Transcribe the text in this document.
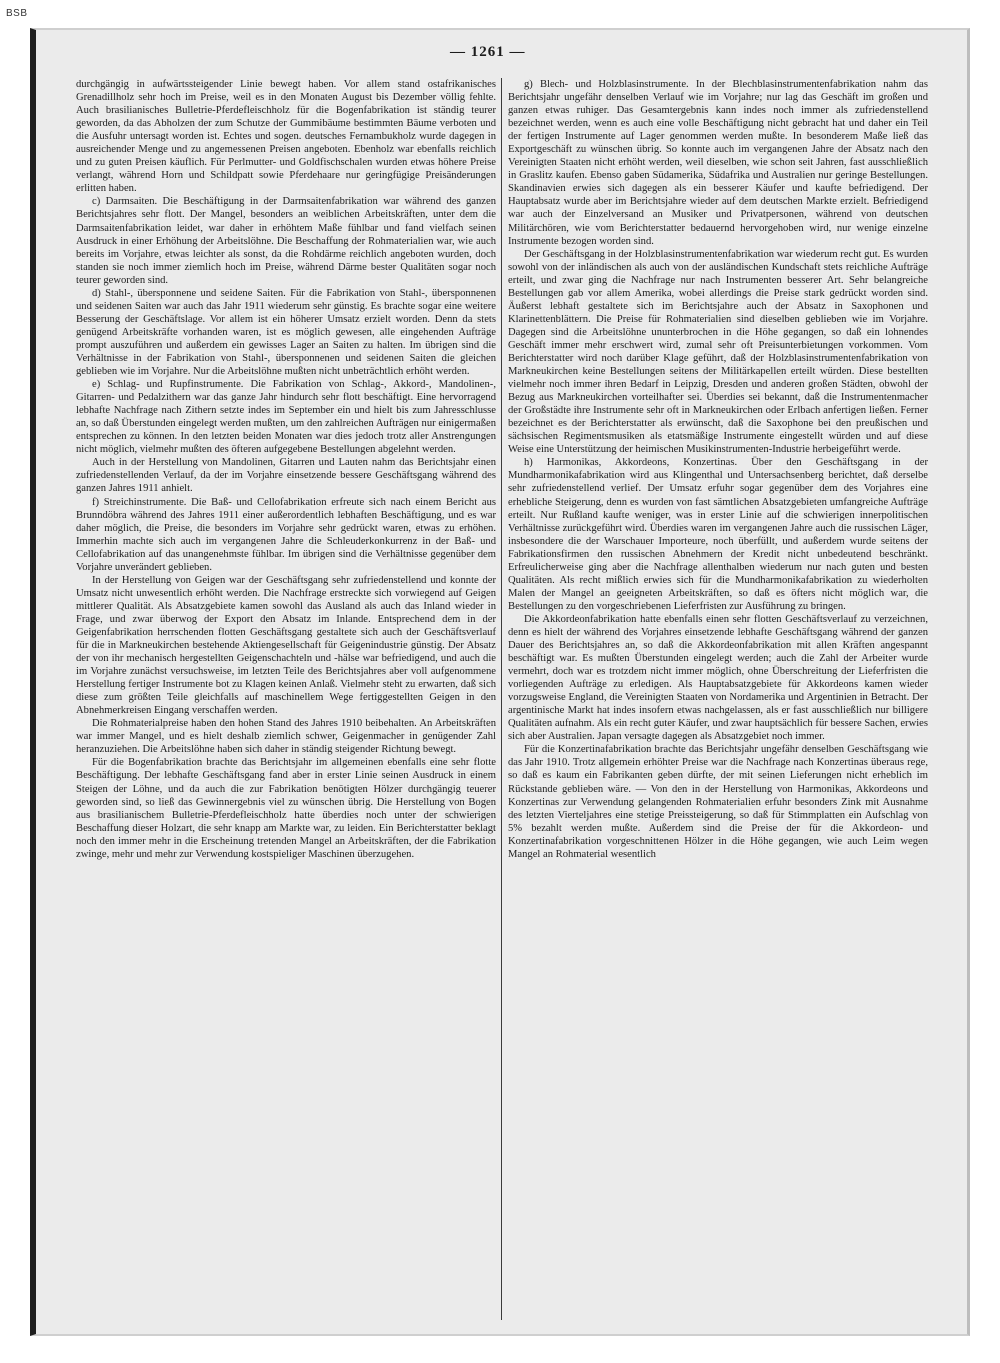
BSB
— 1261 —

durchgängig in aufwärtssteigender Linie bewegt haben. Vor allem stand ostafrikanisches Grenadillholz sehr hoch im Preise, weil es in den Monaten August bis Dezember völlig fehlte. Auch brasilianisches Bulletrie-Pferdefleischholz für die Bogenfabrikation ist ständig teurer geworden, da das Abholzen der zum Schutze der Gummibäume bestimmten Bäume verboten und die Ausfuhr untersagt worden ist. Echtes und sogen. deutsches Fernambukholz wurde dagegen in ausreichender Menge und zu angemessenen Preisen angeboten. Ebenholz war ebenfalls reichlich und zu guten Preisen käuflich. Für Perlmutter- und Goldfischschalen wurden etwas höhere Preise verlangt, während Horn und Schildpatt sowie Pferdehaare nur geringfügige Preisänderungen erlitten haben.

c) Darmsaiten. Die Beschäftigung in der Darmsaitenfabrikation war während des ganzen Berichtsjahres sehr flott. Der Mangel, besonders an weiblichen Arbeitskräften, unter dem die Darmsaitenfabrikation leidet, war daher in erhöhtem Maße fühlbar und fand vielfach seinen Ausdruck in einer Erhöhung der Arbeitslöhne. Die Beschaffung der Rohmaterialien war, wie auch bereits im Vorjahre, etwas leichter als sonst, da die Rohdärme reichlich angeboten wurden, doch standen sie noch immer ziemlich hoch im Preise, während Därme bester Qualitäten sogar noch teurer geworden sind.

d) Stahl-, übersponnene und seidene Saiten. Für die Fabrikation von Stahl-, übersponnenen und seidenen Saiten war auch das Jahr 1911 wiederum sehr günstig. Es brachte sogar eine weitere Besserung der Geschäftslage. Vor allem ist ein höherer Umsatz erzielt worden. Denn da stets genügend Arbeitskräfte vorhanden waren, ist es möglich gewesen, alle eingehenden Aufträge prompt auszuführen und außerdem ein gewisses Lager an Saiten zu halten. Im übrigen sind die Verhältnisse in der Fabrikation von Stahl-, übersponnenen und seidenen Saiten die gleichen geblieben wie im Vorjahre. Nur die Arbeitslöhne mußten nicht unbeträchtlich erhöht werden.

e) Schlag- und Rupfinstrumente. Die Fabrikation von Schlag-, Akkord-, Mandolinen-, Gitarren- und Pedalzithern war das ganze Jahr hindurch sehr flott beschäftigt. Eine hervorragend lebhafte Nachfrage nach Zithern setzte indes im September ein und hielt bis zum Jahresschlusse an, so daß Überstunden eingelegt werden mußten, um den zahlreichen Aufträgen nur einigermaßen entsprechen zu können. In den letzten beiden Monaten war dies jedoch trotz aller Anstrengungen nicht möglich, vielmehr mußten des öfteren aufgegebene Bestellungen abgelehnt werden.

Auch in der Herstellung von Mandolinen, Gitarren und Lauten nahm das Berichtsjahr einen zufriedenstellenden Verlauf, da der im Vorjahre einsetzende bessere Geschäftsgang während des ganzen Jahres 1911 anhielt.

f) Streichinstrumente. Die Baß- und Cellofabrikation erfreute sich nach einem Bericht aus Brunndöbra während des Jahres 1911 einer außerordentlich lebhaften Beschäftigung, und es war daher möglich, die Preise, die besonders im Vorjahre sehr gedrückt waren, etwas zu erhöhen. Immerhin machte sich auch im vergangenen Jahre die Schleuderkonkurrenz in der Baß- und Cellofabrikation auf das unangenehmste fühlbar. Im übrigen sind die Verhältnisse gegenüber dem Vorjahre unverändert geblieben.

In der Herstellung von Geigen war der Geschäftsgang sehr zufriedenstellend und konnte der Umsatz nicht unwesentlich erhöht werden. Die Nachfrage erstreckte sich vorwiegend auf Geigen mittlerer Qualität. Als Absatzgebiete kamen sowohl das Ausland als auch das Inland wieder in Frage, und zwar überwog der Export den Absatz im Inlande. Entsprechend dem in der Geigenfabrikation herrschenden flotten Geschäftsgang gestaltete sich auch der Geschäftsverlauf für die in Markneukirchen bestehende Aktiengesellschaft für Geigenindustrie günstig. Der Absatz der von ihr mechanisch hergestellten Geigenschachteln und -hälse war befriedigend, und auch die im Vorjahre zunächst versuchsweise, im letzten Teile des Berichtsjahres aber voll aufgenommene Herstellung fertiger Instrumente bot zu Klagen keinen Anlaß. Vielmehr steht zu erwarten, daß sich diese zum größten Teile gleichfalls auf maschinellem Wege fertiggestellten Geigen in den Abnehmerkreisen Eingang verschaffen werden.

Die Rohmaterialpreise haben den hohen Stand des Jahres 1910 beibehalten. An Arbeitskräften war immer Mangel, und es hielt deshalb ziemlich schwer, Geigenmacher in genügender Zahl heranzuziehen. Die Arbeitslöhne haben sich daher in ständig steigender Richtung bewegt.

Für die Bogenfabrikation brachte das Berichtsjahr im allgemeinen ebenfalls eine sehr flotte Beschäftigung. Der lebhafte Geschäftsgang fand aber in erster Linie seinen Ausdruck in einem Steigen der Löhne, und da auch die zur Fabrikation benötigten Hölzer durchgängig teuerer geworden sind, so ließ das Gewinnergebnis viel zu wünschen übrig. Die Herstellung von Bogen aus brasilianischem Bulletrie-Pferdefleischholz hatte überdies noch unter der schwierigen Beschaffung dieser Holzart, die sehr knapp am Markte war, zu leiden. Ein Berichterstatter beklagt noch den immer mehr in die Erscheinung tretenden Mangel an Arbeitskräften, der die Fabrikation zwinge, mehr und mehr zur Verwendung kostspieliger Maschinen überzugehen.

g) Blech- und Holzblasinstrumente. In der Blechblasinstrumentenfabrikation nahm das Berichtsjahr ungefähr denselben Verlauf wie im Vorjahre; nur lag das Geschäft im großen und ganzen etwas ruhiger. Das Gesamtergebnis kann indes noch immer als zufriedenstellend bezeichnet werden, wenn es auch eine volle Beschäftigung nicht gebracht hat und daher ein Teil der fertigen Instrumente auf Lager genommen werden mußte. In besonderem Maße ließ das Exportgeschäft zu wünschen übrig. So konnte auch im vergangenen Jahre der Absatz nach den Vereinigten Staaten nicht erhöht werden, weil dieselben, wie schon seit Jahren, fast ausschließlich in Graslitz kaufen. Ebenso gaben Südamerika, Südafrika und Australien nur geringe Bestellungen. Skandinavien erwies sich dagegen als ein besserer Käufer und kaufte befriedigend. Der Hauptabsatz wurde aber im Berichtsjahre wieder auf dem deutschen Markte erzielt. Befriedigend war auch der Einzelversand an Musiker und Privatpersonen, während von deutschen Militärchören, wie vom Berichterstatter bedauernd hervorgehoben wird, nur wenige einzelne Instrumente bezogen worden sind.

Der Geschäftsgang in der Holzblasinstrumentenfabrikation war wiederum recht gut. Es wurden sowohl von der inländischen als auch von der ausländischen Kundschaft stets reichliche Aufträge erteilt, und zwar ging die Nachfrage nur nach Instrumenten besserer Art. Sehr belangreiche Bestellungen gab vor allem Amerika, wobei allerdings die Preise stark gedrückt worden sind. Äußerst lebhaft gestaltete sich im Berichtsjahre auch der Absatz in Saxophonen und Klarinettenblättern. Die Preise für Rohmaterialien sind dieselben geblieben wie im Vorjahre. Dagegen sind die Arbeitslöhne ununterbrochen in die Höhe gegangen, so daß ein lohnendes Geschäft immer mehr erschwert wird, zumal sehr oft Preisunterbietungen vorkommen. Vom Berichterstatter wird noch darüber Klage geführt, daß der Holzblasinstrumentenfabrikation von Markneukirchen keine Bestellungen seitens der Militärkapellen erteilt würden. Diese bestellten vielmehr noch immer ihren Bedarf in Leipzig, Dresden und anderen großen Städten, obwohl der Bezug aus Markneukirchen vorteilhafter sei. Überdies sei bekannt, daß die Instrumentenmacher der Großstädte ihre Instrumente sehr oft in Markneukirchen oder Erlbach anfertigen ließen. Ferner bezeichnet es der Berichterstatter als erwünscht, daß die Saxophone bei den preußischen und sächsischen Regimentsmusiken als etatsmäßige Instrumente eingestellt würden und auf diese Weise eine Unterstützung der heimischen Musikinstrumenten-Industrie herbeigeführt werde.

h) Harmonikas, Akkordeons, Konzertinas. Über den Geschäftsgang in der Mundharmonikafabrikation wird aus Klingenthal und Untersachsenberg berichtet, daß derselbe sehr zufriedenstellend verlief. Der Umsatz erfuhr sogar gegenüber dem des Vorjahres eine erhebliche Steigerung, denn es wurden von fast sämtlichen Absatzgebieten umfangreiche Aufträge erteilt. Nur Rußland kaufte weniger, was in erster Linie auf die schwierigen innerpolitischen Verhältnisse zurückgeführt wird. Überdies waren im vergangenen Jahre auch die russischen Läger, insbesondere die der Warschauer Importeure, noch überfüllt, und außerdem wurde seitens der Fabrikationsfirmen den russischen Abnehmern der Kredit nicht unbedeutend beschränkt. Erfreulicherweise ging aber die Nachfrage allenthalben wiederum nur nach guten und besten Qualitäten. Als recht mißlich erwies sich für die Mundharmonikafabrikation zu wiederholten Malen der Mangel an geeigneten Arbeitskräften, so daß es öfters nicht möglich war, die Bestellungen zu den vorgeschriebenen Lieferfristen zur Ausführung zu bringen.

Die Akkordeonfabrikation hatte ebenfalls einen sehr flotten Geschäftsverlauf zu verzeichnen, denn es hielt der während des Vorjahres einsetzende lebhafte Geschäftsgang während der ganzen Dauer des Berichtsjahres an, so daß die Akkordeonfabrikation mit allen Kräften angespannt beschäftigt war. Es mußten Überstunden eingelegt werden; auch die Zahl der Arbeiter wurde vermehrt, doch war es trotzdem nicht immer möglich, ohne Überschreitung der Lieferfristen die vorliegenden Aufträge zu erledigen. Als Hauptabsatzgebiete für Akkordeons kamen wieder vorzugsweise England, die Vereinigten Staaten von Nordamerika und Argentinien in Betracht. Der argentinische Markt hat indes insofern etwas nachgelassen, als er fast ausschließlich nur billigere Qualitäten aufnahm. Als ein recht guter Käufer, und zwar hauptsächlich für bessere Sachen, erwies sich aber Australien. Japan versagte dagegen als Absatzgebiet noch immer.

Für die Konzertinafabrikation brachte das Berichtsjahr ungefähr denselben Geschäftsgang wie das Jahr 1910. Trotz allgemein erhöhter Preise war die Nachfrage nach Konzertinas überaus rege, so daß es kaum ein Fabrikanten geben dürfte, der mit seinen Lieferungen nicht erheblich im Rückstande geblieben wäre. — Von den in der Herstellung von Harmonikas, Akkordeons und Konzertinas zur Verwendung gelangenden Rohmaterialien erfuhr besonders Zink mit Ausnahme des letzten Vierteljahres eine stetige Preissteigerung, so daß für Stimmplatten ein Aufschlag von 5% bezahlt werden mußte. Außerdem sind die Preise der für die Akkordeon- und Konzertinafabrikation vorgeschnittenen Hölzer in die Höhe gegangen, wie auch Leim wegen Mangel an Rohmaterial wesentlich
